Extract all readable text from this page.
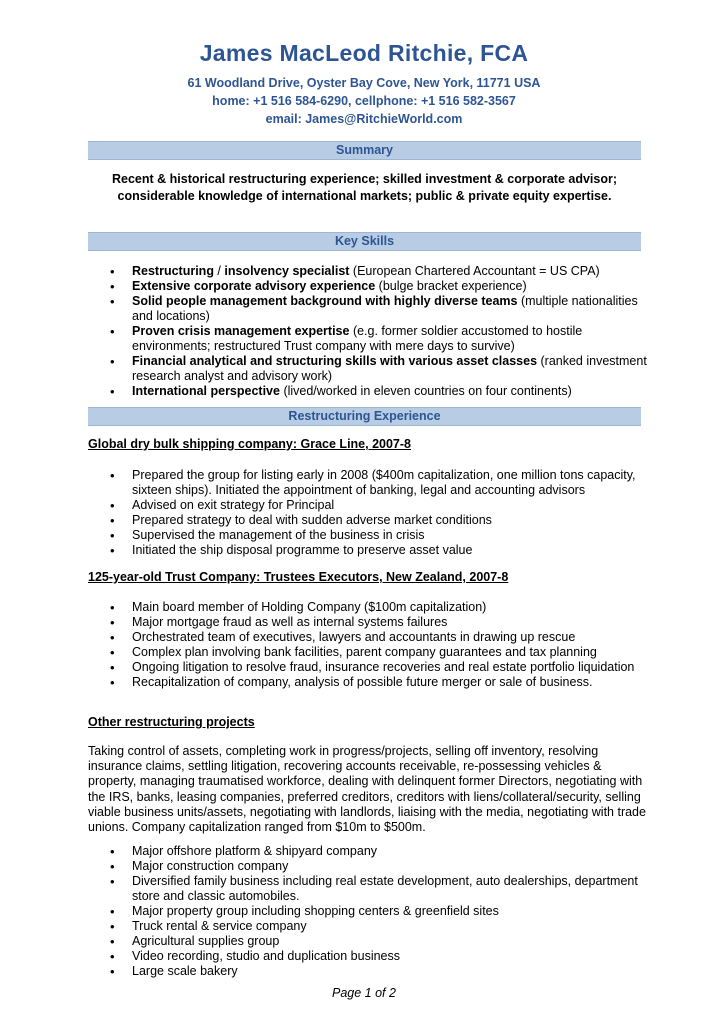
James MacLeod Ritchie, FCA

61 Woodland Drive, Oyster Bay Cove, New York, 11771 USA

home: +1 516 584-6290, cellphone: +1 516 582-3567

email: James@RitchieWorld.com

Summary
Recent & historical restructuring experience; skilled investment & corporate advisor;
considerable knowledge of international markets; public & private equity expertise.
Key Skills
• Restructuring / insolvency specialist (European Chartered Accountant = US CPA)
• Extensive corporate advisory experience (bulge bracket experience)
• Solid people management background with highly diverse teams (multiple nationalities and locations)
• Proven crisis management expertise (e.g. former soldier accustomed to hostile environments; restructured Trust company with mere days to survive)
• Financial analytical and structuring skills with various asset classes (ranked investment research analyst and advisory work)
• International perspective (lived/worked in eleven countries on four continents)
Restructuring Experience

Global dry bulk shipping company: Grace Line, 2007-8

• Prepared the group for listing early in 2008 ($400m capitalization, one million tons capacity, sixteen ships). Initiated the appointment of banking, legal and accounting advisors
• Advised on exit strategy for Principal
• Prepared strategy to deal with sudden adverse market conditions
• Supervised the management of the business in crisis
• Initiated the ship disposal programme to preserve asset value

125-year-old Trust Company: Trustees Executors, New Zealand, 2007-8

• Main board member of Holding Company ($100m capitalization)
• Major mortgage fraud as well as internal systems failures
• Orchestrated team of executives, lawyers and accountants in drawing up rescue
• Complex plan involving bank facilities, parent company guarantees and tax planning
• Ongoing litigation to resolve fraud, insurance recoveries and real estate portfolio liquidation
• Recapitalization of company, analysis of possible future merger or sale of business.

Other restructuring projects

Taking control of assets, completing work in progress/projects, selling off inventory, resolving insurance claims, settling litigation, recovering accounts receivable, re-possessing vehicles & property, managing traumatised workforce, dealing with delinquent former Directors, negotiating with the IRS, banks, leasing companies, preferred creditors, creditors with liens/collateral/security, selling viable business units/assets, negotiating with landlords, liaising with the media, negotiating with trade unions. Company capitalization ranged from $10m to $500m.

• Major offshore platform & shipyard company
• Major construction company
• Diversified family business including real estate development, auto dealerships, department store and classic automobiles.
• Major property group including shopping centers & greenfield sites
• Truck rental & service company
• Agricultural supplies group
• Video recording, studio and duplication business
• Large scale bakery

Page 1 of 2
